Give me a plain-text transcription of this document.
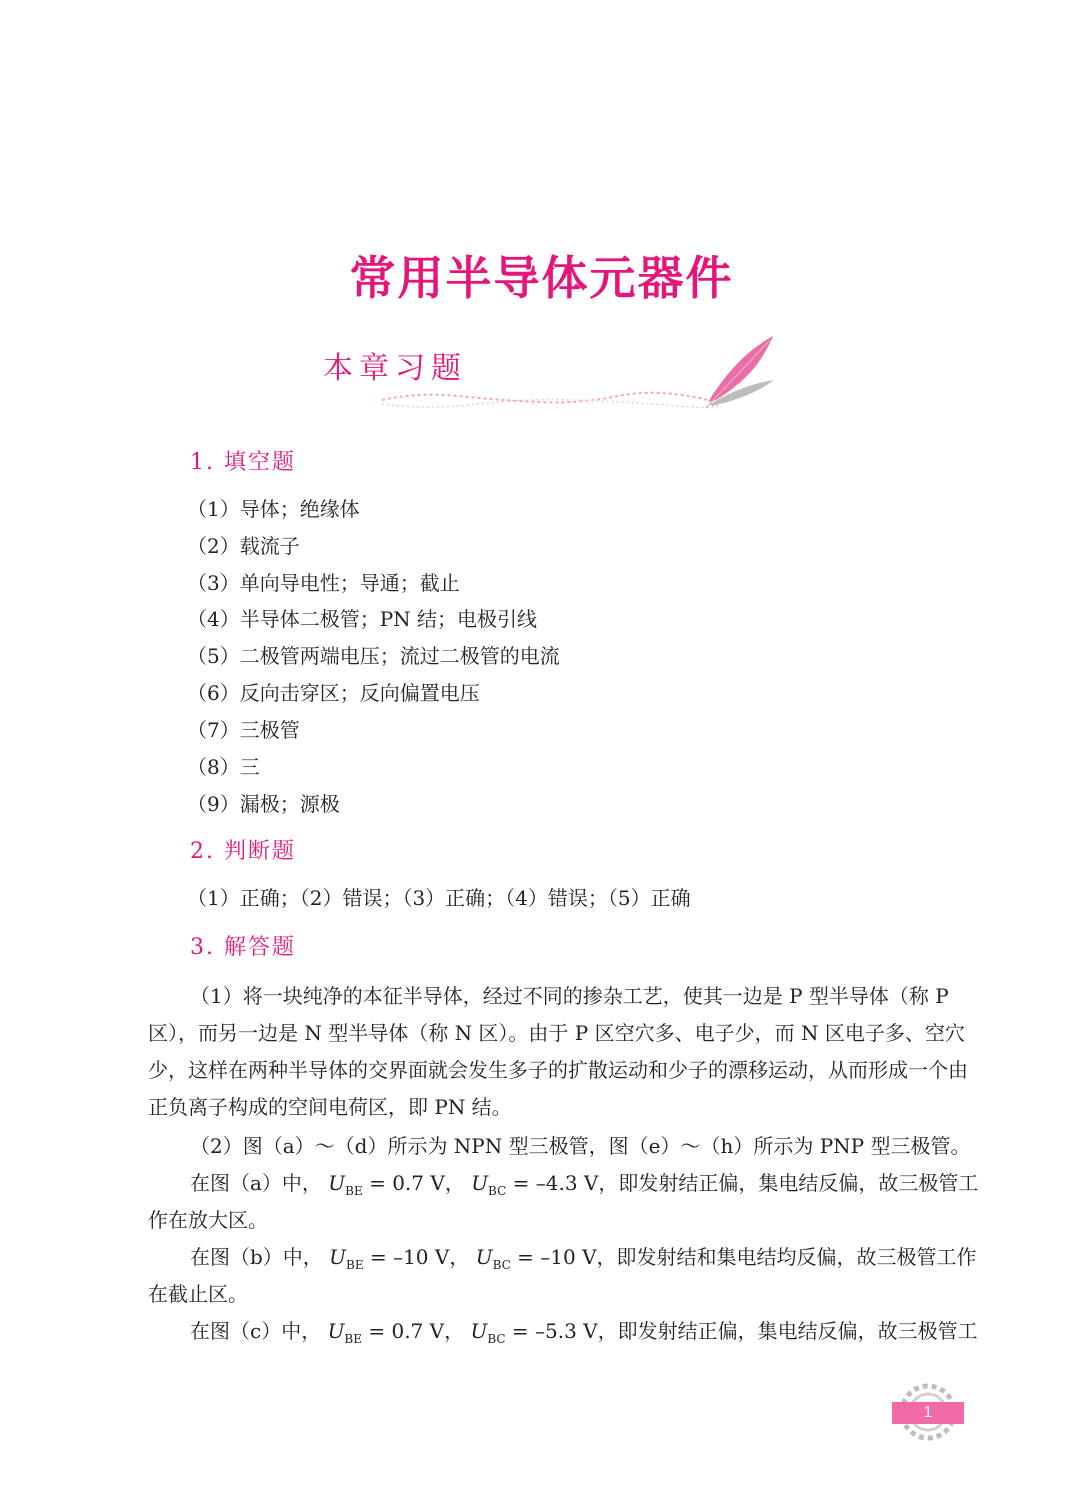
常用半导体元器件
本章习题
1. 填空题
（1）导体；绝缘体
（2）载流子
（3）单向导电性；导通；截止
（4）半导体二极管；PN 结；电极引线
（5）二极管两端电压；流过二极管的电流
（6）反向击穿区；反向偏置电压
（7）三极管
（8）三
（9）漏极；源极
2. 判断题
（1）正确；（2）错误；（3）正确；（4）错误；（5）正确
3. 解答题
（1）将一块纯净的本征半导体，经过不同的掺杂工艺，使其一边是 P 型半导体（称 P 区），而另一边是 N 型半导体（称 N 区）。由于 P 区空穴多、电子少，而 N 区电子多、空穴少，这样在两种半导体的交界面就会发生多子的扩散运动和少子的漂移运动，从而形成一个由正负离子构成的空间电荷区，即 PN 结。
（2）图（a）～（d）所示为 NPN 型三极管，图（e）～（h）所示为 PNP 型三极管。
在图（a）中， $U_{BE} = 0.7$ V， $U_{BC} = -4.3$ V，即发射结正偏，集电结反偏，故三极管工
作在放大区。
在图（b）中， $U_{BE} = -10$ V， $U_{BC} = -10$ V，即发射结和集电结均反偏，故三极管工作
在截止区。
在图（c）中， $U_{BE} = 0.7$ V， $U_{BC} = -5.3$ V，即发射结正偏，集电结反偏，故三极管工
1
